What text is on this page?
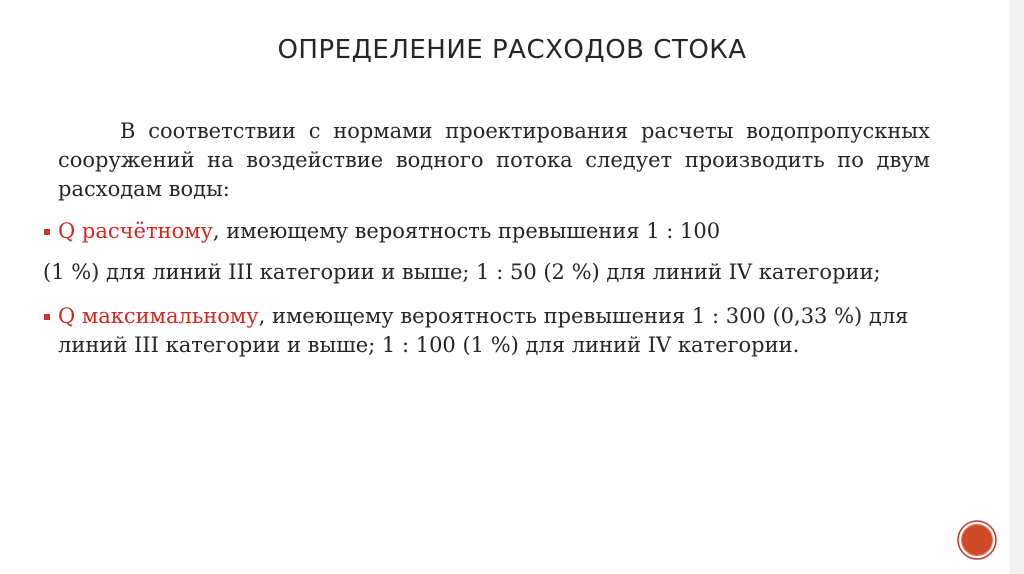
ОПРЕДЕЛЕНИЕ РАСХОДОВ СТОКА

В соответствии с нормами проектирования расчеты водопропускных сооружений на воздействие водного потока следует производить по двум расходам воды:

Q расчётному, имеющему вероятность превышения 1 : 100

(1 %) для линий III категории и выше; 1 : 50 (2 %) для линий IV категории;

Q максимальному, имеющему вероятность превышения 1 : 300 (0,33 %) для линий III категории и выше; 1 : 100 (1 %) для линий IV категории.
